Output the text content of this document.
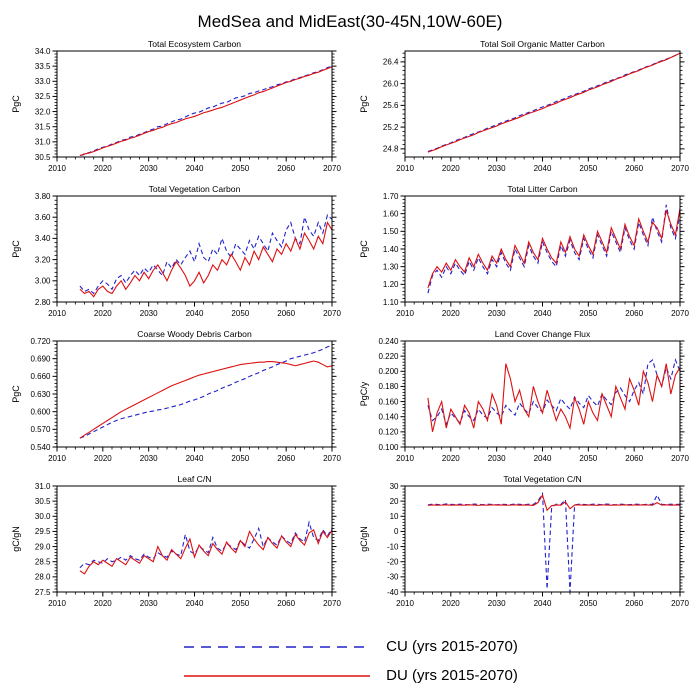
MedSea and MidEast(30-45N,10W-60E)
Total Ecosystem Carbon
PgC
2010	2020	2030	2040	2050	2060	2070
30.5
31.0
31.5
32.0
32.5
33.0
33.5
34.0
Total Soil Organic Matter Carbon
PgC
2010	2020	2030	2040	2050	2060	2070
24.8
25.2
25.6
26.0
26.4
Total Vegetation Carbon
PgC
2010	2020	2030	2040	2050	2060	2070
2.80
3.00
3.20
3.40
3.60
3.80
Total Litter Carbon
PgC
2010	2020	2030	2040	2050	2060	2070
1.10
1.20
1.30
1.40
1.50
1.60
1.70
Coarse Woody Debris Carbon
PgC
2010	2020	2030	2040	2050	2060	2070
0.540
0.570
0.600
0.630
0.660
0.690
0.720
Land Cover Change Flux
PgC/y
2010	2020	2030	2040	2050	2060	2070
0.100
0.120
0.140
0.160
0.180
0.200
0.220
0.240
Leaf C/N
gC/gN
2010	2020	2030	2040	2050	2060	2070
27.5
28.0
28.5
29.0
29.5
30.0
30.5
31.0
Total Vegetation C/N
gC/gN
2010	2020	2030	2040	2050	2060	2070
-40
-30
-20
-10
0
10
20
30
CU (yrs 2015-2070)
DU (yrs 2015-2070)
